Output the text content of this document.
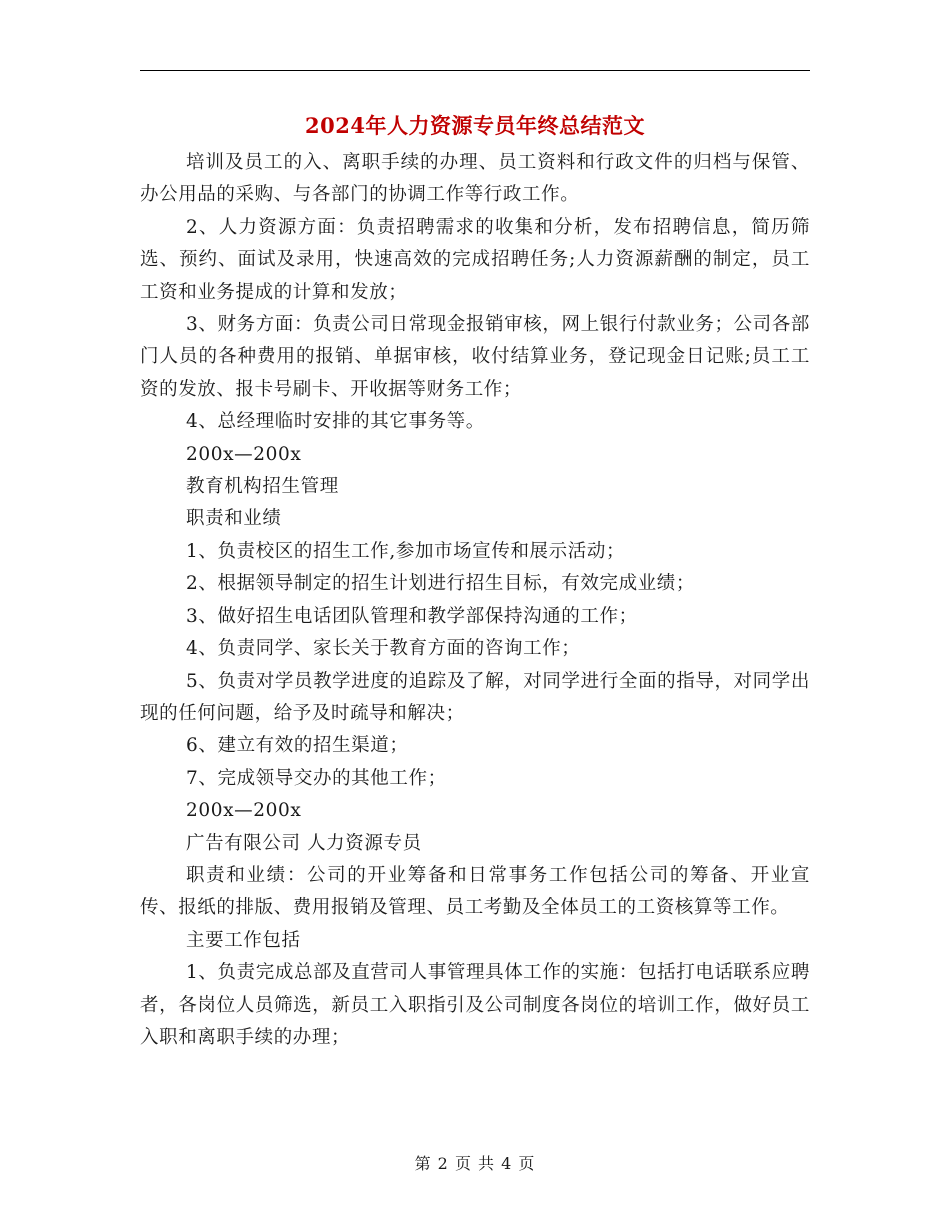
2024年人力资源专员年终总结范文

培训及员工的入、离职手续的办理、员工资料和行政文件的归档与保管、办公用品的采购、与各部门的协调工作等行政工作。

2、人力资源方面：负责招聘需求的收集和分析，发布招聘信息，简历筛选、预约、面试及录用，快速高效的完成招聘任务;人力资源薪酬的制定，员工工资和业务提成的计算和发放；

3、财务方面：负责公司日常现金报销审核，网上银行付款业务；公司各部门人员的各种费用的报销、单据审核，收付结算业务，登记现金日记账;员工工资的发放、报卡号刷卡、开收据等财务工作；

4、总经理临时安排的其它事务等。

200x—200x

教育机构招生管理

职责和业绩

1、负责校区的招生工作,参加市场宣传和展示活动；

2、根据领导制定的招生计划进行招生目标，有效完成业绩；

3、做好招生电话团队管理和教学部保持沟通的工作；

4、负责同学、家长关于教育方面的咨询工作；

5、负责对学员教学进度的追踪及了解，对同学进行全面的指导，对同学出现的任何问题，给予及时疏导和解决；

6、建立有效的招生渠道；

7、完成领导交办的其他工作；

200x—200x

广告有限公司 人力资源专员

职责和业绩：公司的开业筹备和日常事务工作包括公司的筹备、开业宣传、报纸的排版、费用报销及管理、员工考勤及全体员工的工资核算等工作。

主要工作包括

1、负责完成总部及直营司人事管理具体工作的实施：包括打电话联系应聘者，各岗位人员筛选，新员工入职指引及公司制度各岗位的培训工作，做好员工入职和离职手续的办理；

第 2 页 共 4 页
